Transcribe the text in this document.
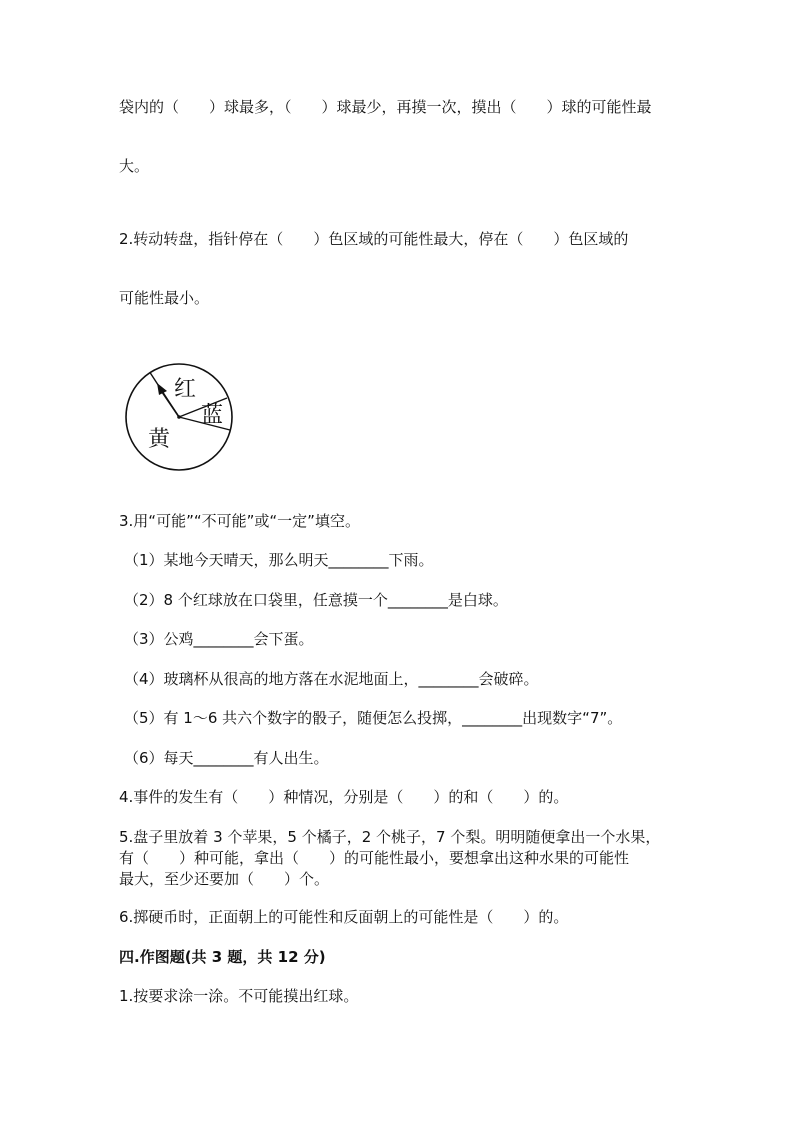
袋内的（　　）球最多，（　　）球最少，再摸一次，摸出（　　）球的可能性最
大。
2.转动转盘，指针停在（　　）色区域的可能性最大，停在（　　）色区域的
可能性最小。
红
蓝
黄
3.用“可能”“不可能”或“一定”填空。
（1）某地今天晴天，那么明天________下雨。
（2）8 个红球放在口袋里，任意摸一个________是白球。
（3）公鸡________会下蛋。
（4）玻璃杯从很高的地方落在水泥地面上，________会破碎。
（5）有 1～6 共六个数字的骰子，随便怎么投掷，________出现数字“7”。
（6）每天________有人出生。
4.事件的发生有（　　）种情况，分别是（　　）的和（　　）的。
5.盘子里放着 3 个苹果，5 个橘子，2 个桃子，7 个梨。明明随便拿出一个水果，
有（　　）种可能，拿出（　　）的可能性最小，要想拿出这种水果的可能性
最大，至少还要加（　　）个。
6.掷硬币时，正面朝上的可能性和反面朝上的可能性是（　　）的。
四.作图题(共 3 题，共 12 分)
1.按要求涂一涂。不可能摸出红球。
